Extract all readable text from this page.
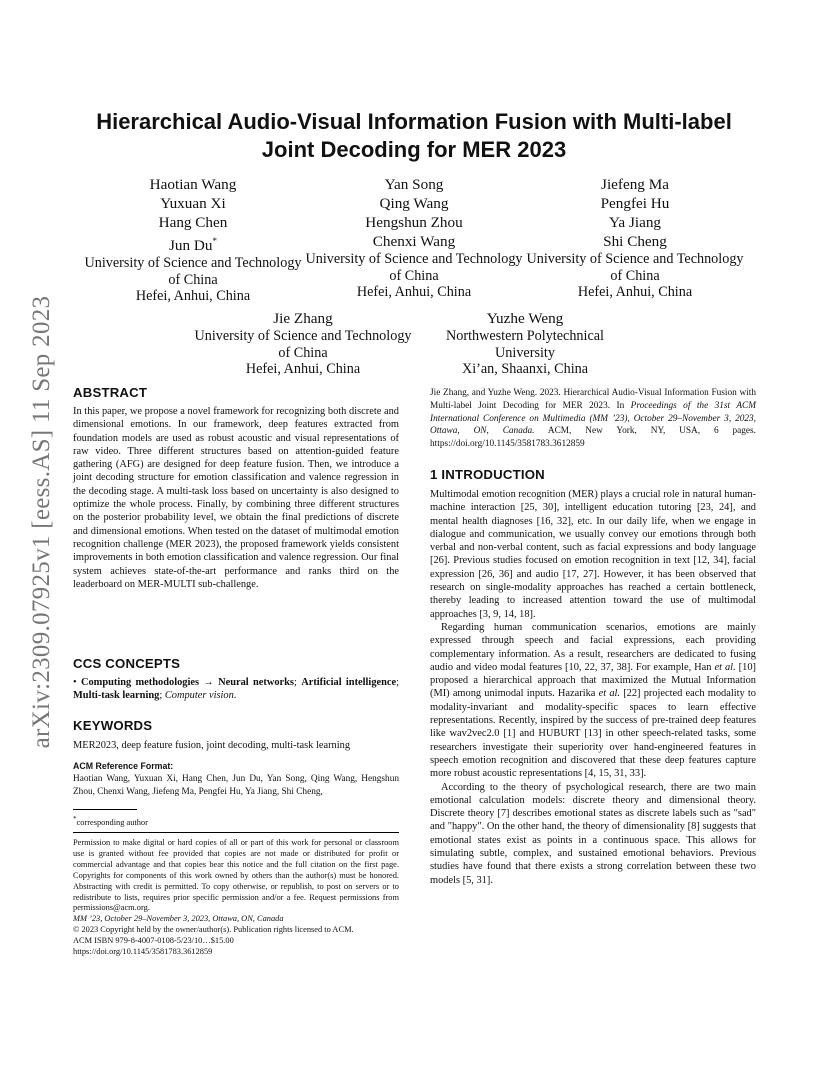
arXiv:2309.07925v1 [eess.AS] 11 Sep 2023
Hierarchical Audio-Visual Information Fusion with Multi-label
Joint Decoding for MER 2023
Haotian Wang
Yuxuan Xi
Hang Chen
Jun Du*
University of Science and Technology
of China
Hefei, Anhui, China
Yan Song
Qing Wang
Hengshun Zhou
Chenxi Wang
University of Science and Technology
of China
Hefei, Anhui, China
Jiefeng Ma
Pengfei Hu
Ya Jiang
Shi Cheng
University of Science and Technology
of China
Hefei, Anhui, China
Jie Zhang
University of Science and Technology
of China
Hefei, Anhui, China
Yuzhe Weng
Northwestern Polytechnical
University
Xi’an, Shaanxi, China
ABSTRACT

In this paper, we propose a novel framework for recognizing both discrete and dimensional emotions. In our framework, deep features extracted from foundation models are used as robust acoustic and visual representations of raw video. Three different structures based on attention-guided feature gathering (AFG) are designed for deep feature fusion. Then, we introduce a joint decoding structure for emotion classification and valence regression in the decoding stage. A multi-task loss based on uncertainty is also designed to optimize the whole process. Finally, by combining three different structures on the posterior probability level, we obtain the final predictions of discrete and dimensional emotions. When tested on the dataset of multimodal emotion recognition challenge (MER 2023), the proposed framework yields consistent improvements in both emotion classification and valence regression. Our final system achieves state-of-the-art performance and ranks third on the leaderboard on MER-MULTI sub-challenge.

CCS CONCEPTS

• Computing methodologies → Neural networks; Artificial intelligence; Multi-task learning; Computer vision.

KEYWORDS

MER2023, deep feature fusion, joint decoding, multi-task learning

ACM Reference Format:

Haotian Wang, Yuxuan Xi, Hang Chen, Jun Du, Yan Song, Qing Wang, Hengshun Zhou, Chenxi Wang, Jiefeng Ma, Pengfei Hu, Ya Jiang, Shi Cheng,

*corresponding author

Permission to make digital or hard copies of all or part of this work for personal or classroom use is granted without fee provided that copies are not made or distributed for profit or commercial advantage and that copies bear this notice and the full citation on the first page. Copyrights for components of this work owned by others than the author(s) must be honored. Abstracting with credit is permitted. To copy otherwise, or republish, to post on servers or to redistribute to lists, requires prior specific permission and/or a fee. Request permissions from permissions@acm.org.

MM ’23, October 29–November 3, 2023, Ottawa, ON, Canada

© 2023 Copyright held by the owner/author(s). Publication rights licensed to ACM.

ACM ISBN 979-8-4007-0108-5/23/10…$15.00

https://doi.org/10.1145/3581783.3612859

Jie Zhang, and Yuzhe Weng. 2023. Hierarchical Audio-Visual Information Fusion with Multi-label Joint Decoding for MER 2023. In Proceedings of the 31st ACM International Conference on Multimedia (MM ’23), October 29–November 3, 2023, Ottawa, ON, Canada. ACM, New York, NY, USA, 6 pages. https://doi.org/10.1145/3581783.3612859

1 INTRODUCTION

Multimodal emotion recognition (MER) plays a crucial role in natural human-machine interaction [25, 30], intelligent education tutoring [23, 24], and mental health diagnoses [16, 32], etc. In our daily life, when we engage in dialogue and communication, we usually convey our emotions through both verbal and non-verbal content, such as facial expressions and body language [26]. Previous studies focused on emotion recognition in text [12, 34], facial expression [26, 36] and audio [17, 27]. However, it has been observed that research on single-modality approaches has reached a certain bottleneck, thereby leading to increased attention toward the use of multimodal approaches [3, 9, 14, 18].

Regarding human communication scenarios, emotions are mainly expressed through speech and facial expressions, each providing complementary information. As a result, researchers are dedicated to fusing audio and video modal features [10, 22, 37, 38]. For example, Han et al. [10] proposed a hierarchical approach that maximized the Mutual Information (MI) among unimodal inputs. Hazarika et al. [22] projected each modality to modality-invariant and modality-specific spaces to learn effective representations. Recently, inspired by the success of pre-trained deep features like wav2vec2.0 [1] and HUBURT [13] in other speech-related tasks, some researchers investigate their superiority over hand-engineered features in speech emotion recognition and discovered that these deep features capture more robust acoustic representations [4, 15, 31, 33].

According to the theory of psychological research, there are two main emotional calculation models: discrete theory and dimensional theory. Discrete theory [7] describes emotional states as discrete labels such as "sad" and "happy". On the other hand, the theory of dimensionality [8] suggests that emotional states exist as points in a continuous space. This allows for simulating subtle, complex, and sustained emotional behaviors. Previous studies have found that there exists a strong correlation between these two models [5, 31].
